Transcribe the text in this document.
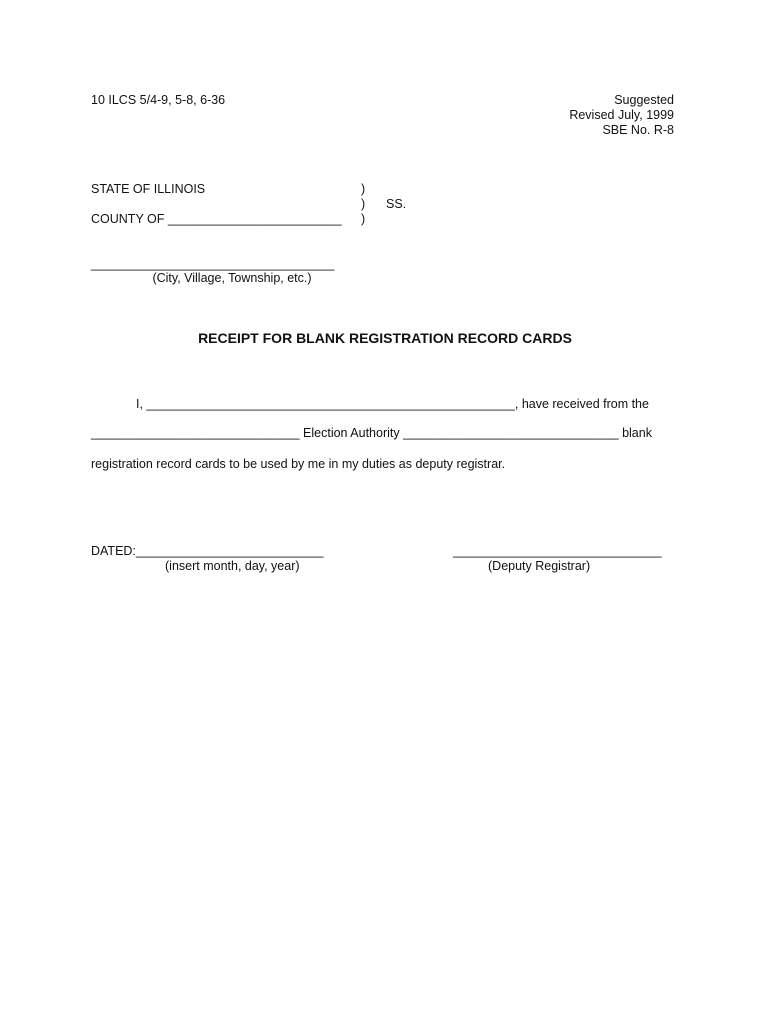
10 ILCS 5/4-9, 5-8, 6-36	Suggested
Revised July, 1999
SBE No. R-8
STATE OF ILLINOIS
COUNTY OF _________________________
)
)
)
SS.
___________________________________
(City, Village, Township, etc.)
RECEIPT FOR BLANK REGISTRATION RECORD CARDS
I, _____________________________________________________, have received from the
______________________________ Election Authority _______________________________ blank
registration record cards to be used by me in my duties as deputy registrar.
DATED:___________________________
(insert month, day, year)
______________________________
(Deputy Registrar)
